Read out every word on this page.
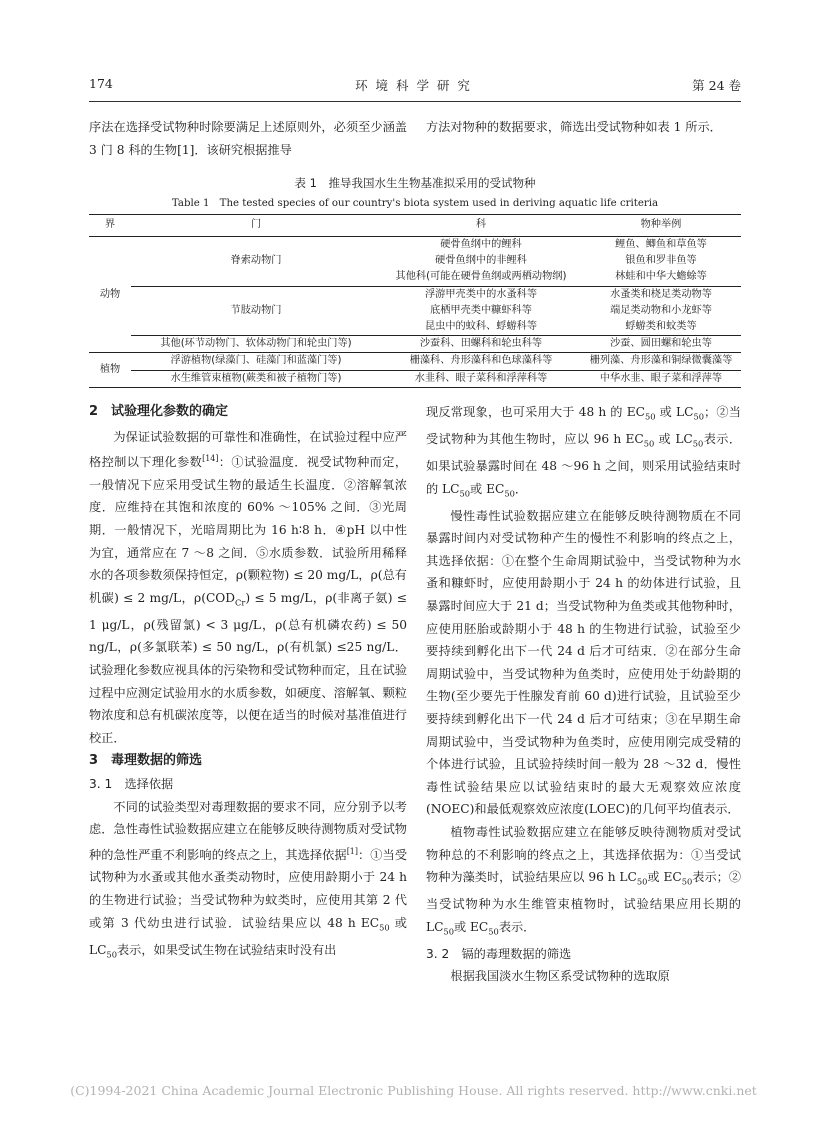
174	环 境 科 学 研 究	第 24 卷

序法在选择受试物种时除要满足上述原则外，必须至少涵盖 3 门 8 科的生物[1]．该研究根据推导

方法对物种的数据要求，筛选出受试物种如表 1 所示．

表 1　推导我国水生生物基准拟采用的受试物种
Table 1　The tested species of our country's biota system used in deriving aquatic life criteria
界	门	科	物种举例
动物	脊索动物门	硬骨鱼纲中的鲤科	鲤鱼、鲫鱼和草鱼等
		硬骨鱼纲中的非鲤科	银鱼和罗非鱼等
		其他科(可能在硬骨鱼纲或两栖动物纲)	林蛙和中华大蟾蜍等
	节肢动物门	浮游甲壳类中的水蚤科等	水蚤类和桡足类动物等
		底栖甲壳类中糠虾科等	端足类动物和小龙虾等
		昆虫中的蚊科、蜉蝣科等	蜉蝣类和蚊类等
	其他(环节动物门、软体动物门和轮虫门等)	沙蚕科、田螺科和轮虫科等	沙蚕、圆田螺和轮虫等
植物	浮游植物(绿藻门、硅藻门和蓝藻门等)	栅藻科、舟形藻科和色球藻科等	栅列藻、舟形藻和铜绿微囊藻等
	水生维管束植物(蕨类和被子植物门等)	水韭科、眼子菜科和浮萍科等	中华水韭、眼子菜和浮萍等

2　试验理化参数的确定

为保证试验数据的可靠性和准确性，在试验过程中应严格控制以下理化参数[14]：①试验温度．视受试物种而定，一般情况下应采用受试生物的最适生长温度．②溶解氧浓度．应维持在其饱和浓度的 60% ～105% 之间．③光周期．一般情况下，光暗周期比为 16 h∶8 h．④pH 以中性为宜，通常应在 7 ～8 之间．⑤水质参数．试验所用稀释水的各项参数须保持恒定，ρ(颗粒物) ≤ 20 mg/L，ρ(总有机碳) ≤ 2 mg/L，$\rho(COD_{Cr}) \le 5$ mg/L，ρ(非离子氨) ≤ 1 μg/L，ρ(残留氯) < 3 μg/L，ρ(总有机磷农药) ≤ 50 ng/L，ρ(多氯联苯) ≤ 50 ng/L，ρ(有机氯) ≤25 ng/L．试验理化参数应视具体的污染物和受试物种而定，且在试验过程中应测定试验用水的水质参数，如硬度、溶解氧、颗粒物浓度和总有机碳浓度等，以便在适当的时候对基准值进行校正．

3　毒理数据的筛选

3. 1　选择依据

不同的试验类型对毒理数据的要求不同，应分别予以考虑．急性毒性试验数据应建立在能够反映待测物质对受试物种的急性严重不利影响的终点之上，其选择依据[1]：①当受试物种为水蚤或其他水蚤类动物时，应使用龄期小于 24 h 的生物进行试验；当受试物种为蚊类时，应使用其第 2 代或第 3 代幼虫进行试验．试验结果应以 48 h $EC_{50}$ 或 $LC_{50}$表示，如果受试生物在试验结束时没有出

现反常现象，也可采用大于 48 h 的 $EC_{50}$ 或 $LC_{50}$；②当受试物种为其他生物时，应以 96 h $EC_{50}$ 或 $LC_{50}$表示．如果试验暴露时间在 48 ～96 h 之间，则采用试验结束时的 $LC_{50}$或 $EC_{50}$．

慢性毒性试验数据应建立在能够反映待测物质在不同暴露时间内对受试物种产生的慢性不利影响的终点之上，其选择依据：①在整个生命周期试验中，当受试物种为水蚤和糠虾时，应使用龄期小于 24 h 的幼体进行试验，且暴露时间应大于 21 d；当受试物种为鱼类或其他物种时，应使用胚胎或龄期小于 48 h 的生物进行试验，试验至少要持续到孵化出下一代 24 d 后才可结束．②在部分生命周期试验中，当受试物种为鱼类时，应使用处于幼龄期的生物(至少要先于性腺发育前 60 d)进行试验，且试验至少要持续到孵化出下一代 24 d 后才可结束；③在早期生命周期试验中，当受试物种为鱼类时，应使用刚完成受精的个体进行试验，且试验持续时间一般为 28 ～32 d．慢性毒性试验结果应以试验结束时的最大无观察效应浓度(NOEC)和最低观察效应浓度(LOEC)的几何平均值表示．

植物毒性试验数据应建立在能够反映待测物质对受试物种总的不利影响的终点之上，其选择依据为：①当受试物种为藻类时，试验结果应以 96 h $LC_{50}$或 $EC_{50}$表示；②当受试物种为水生维管束植物时，试验结果应用长期的 $LC_{50}$或 $EC_{50}$表示．

3. 2　镉的毒理数据的筛选

根据我国淡水生物区系受试物种的选取原

(C)1994-2021 China Academic Journal Electronic Publishing House. All rights reserved. http://www.cnki.net
